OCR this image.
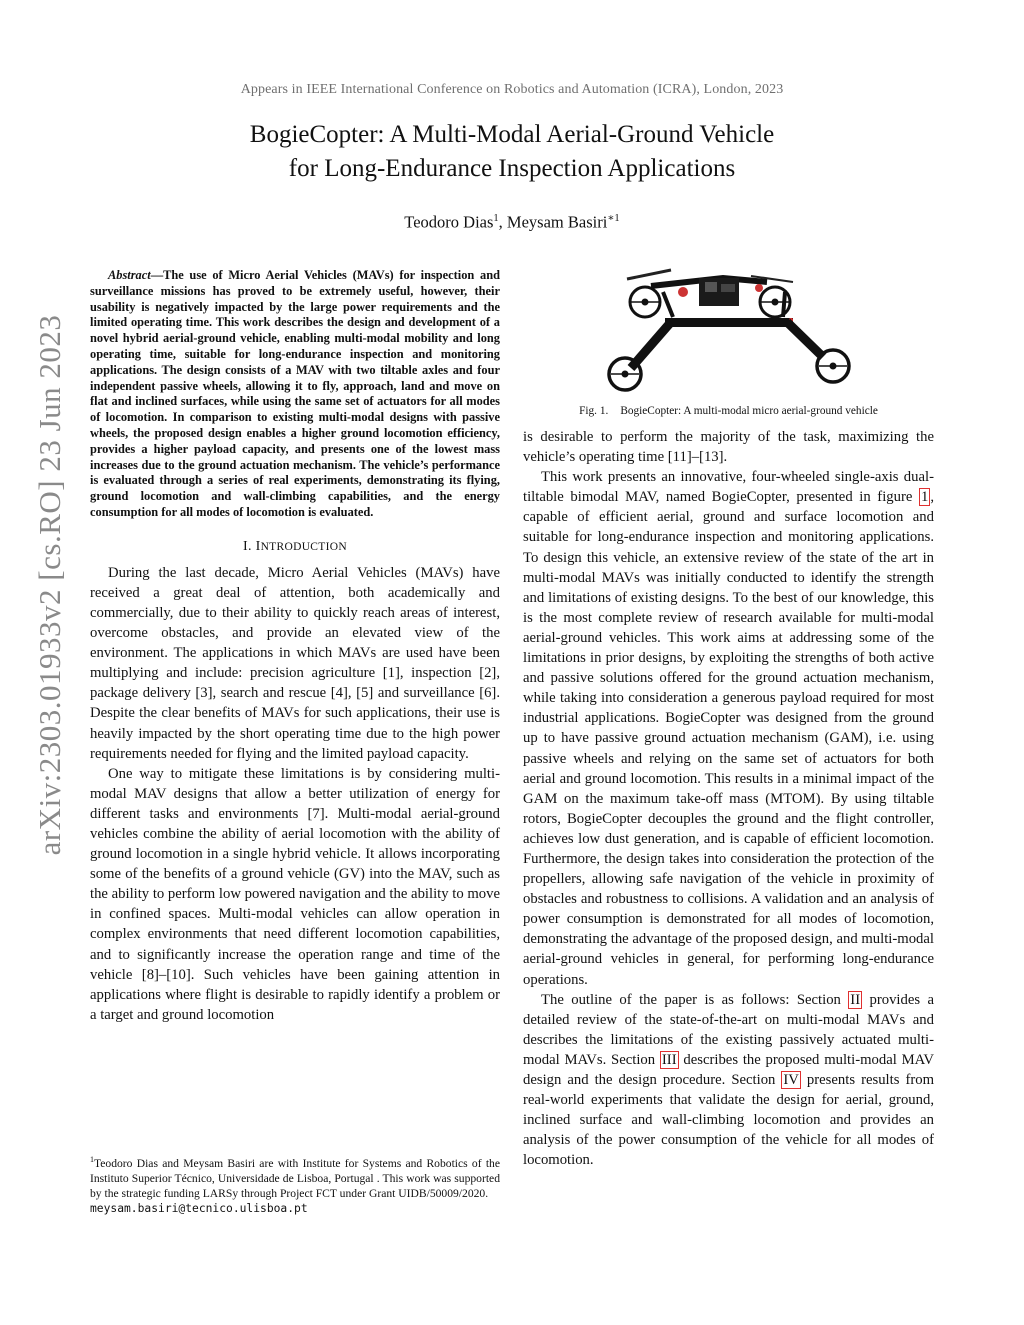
Appears in IEEE International Conference on Robotics and Automation (ICRA), London, 2023
BogieCopter: A Multi-Modal Aerial-Ground Vehicle
for Long-Endurance Inspection Applications
Teodoro Dias$^1$, Meysam Basiri$^{∗1}$
arXiv:2303.01933v2 [cs.RO] 23 Jun 2023
Abstract—The use of Micro Aerial Vehicles (MAVs) for inspection and surveillance missions has proved to be extremely useful, however, their usability is negatively impacted by the large power requirements and the limited operating time. This work describes the design and development of a novel hybrid aerial-ground vehicle, enabling multi-modal mobility and long operating time, suitable for long-endurance inspection and monitoring applications. The design consists of a MAV with two tiltable axles and four independent passive wheels, allowing it to fly, approach, land and move on flat and inclined surfaces, while using the same set of actuators for all modes of locomotion. In comparison to existing multi-modal designs with passive wheels, the proposed design enables a higher ground locomotion efficiency, provides a higher payload capacity, and presents one of the lowest mass increases due to the ground actuation mechanism. The vehicle’s performance is evaluated through a series of real experiments, demonstrating its flying, ground locomotion and wall-climbing capabilities, and the energy consumption for all modes of locomotion is evaluated.
I. INTRODUCTION

During the last decade, Micro Aerial Vehicles (MAVs) have received a great deal of attention, both academically and commercially, due to their ability to quickly reach areas of interest, overcome obstacles, and provide an elevated view of the environment. The applications in which MAVs are used have been multiplying and include: precision agriculture [1], inspection [2], package delivery [3], search and rescue [4], [5] and surveillance [6]. Despite the clear benefits of MAVs for such applications, their use is heavily impacted by the short operating time due to the high power requirements needed for flying and the limited payload capacity.

One way to mitigate these limitations is by considering multi-modal MAV designs that allow a better utilization of energy for different tasks and environments [7]. Multi-modal aerial-ground vehicles combine the ability of aerial locomotion with the ability of ground locomotion in a single hybrid vehicle. It allows incorporating some of the benefits of a ground vehicle (GV) into the MAV, such as the ability to perform low powered navigation and the ability to move in confined spaces. Multi-modal vehicles can allow operation in complex environments that need different locomotion capabilities, and to significantly increase the operation range and time of the vehicle [8]–[10]. Such vehicles have been gaining attention in applications where flight is desirable to rapidly identify a problem or a target and ground locomotion

$^1$Teodoro Dias and Meysam Basiri are with Institute for Systems and Robotics of the Instituto Superior Técnico, Universidade de Lisboa, Portugal . This work was supported by the strategic funding LARSy through Project FCT under Grant UIDB/50009/2020.
meysam.basiri@tecnico.ulisboa.pt
Fig. 1. BogieCopter: A multi-modal micro aerial-ground vehicle

is desirable to perform the majority of the task, maximizing the vehicle’s operating time [11]–[13].

This work presents an innovative, four-wheeled single-axis dual-tiltable bimodal MAV, named BogieCopter, presented in figure 1 , capable of efficient aerial, ground and surface locomotion and suitable for long-endurance inspection and monitoring applications. To design this vehicle, an extensive review of the state of the art in multi-modal MAVs was initially conducted to identify the strength and limitations of existing designs. To the best of our knowledge, this is the most complete review of research available for multi-modal aerial-ground vehicles. This work aims at addressing some of the limitations in prior designs, by exploiting the strengths of both active and passive solutions offered for the ground actuation mechanism, while taking into consideration a generous payload required for most industrial applications. BogieCopter was designed from the ground up to have passive ground actuation mechanism (GAM), i.e. using passive wheels and relying on the same set of actuators for both aerial and ground locomotion. This results in a minimal impact of the GAM on the maximum take-off mass (MTOM). By using tiltable rotors, BogieCopter decouples the ground and the flight controller, achieves low dust generation, and is capable of efficient locomotion. Furthermore, the design takes into consideration the protection of the propellers, allowing safe navigation of the vehicle in proximity of obstacles and robustness to collisions. A validation and an analysis of power consumption is demonstrated for all modes of locomotion, demonstrating the advantage of the proposed design, and multi-modal aerial-ground vehicles in general, for performing long-endurance operations.

The outline of the paper is as follows: Section II provides a detailed review of the state-of-the-art on multi-modal MAVs and describes the limitations of the existing passively actuated multi-modal MAVs. Section III describes the proposed multi-modal MAV design and the design procedure. Section IV presents results from real-world experiments that validate the design for aerial, ground, inclined surface and wall-climbing locomotion and provides an analysis of the power consumption of the vehicle for all modes of locomotion.
